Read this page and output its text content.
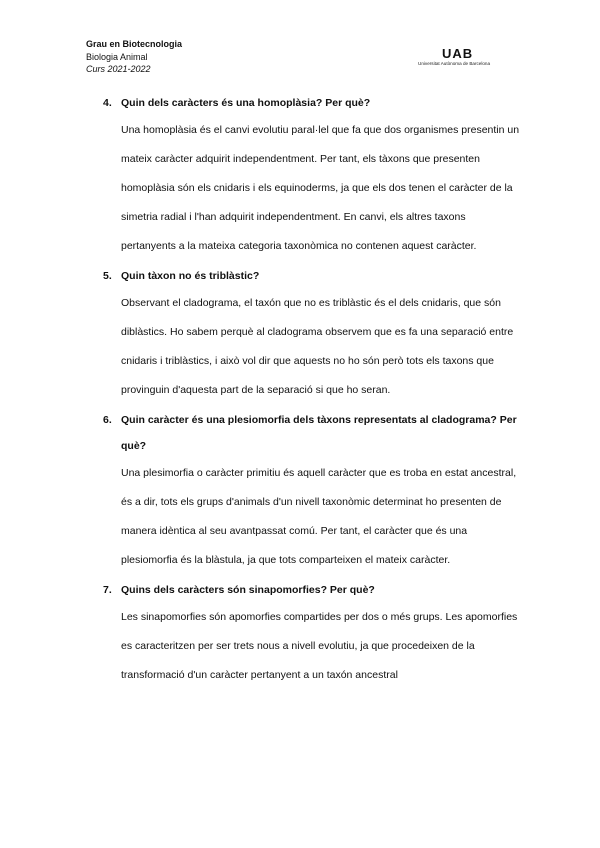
Grau en Biotecnologia
Biologia Animal
Curs 2021-2022
UAB
Universitat Autònoma de Barcelona
4. Quin dels caràcters és una homoplàsia? Per què?
Una homoplàsia és el canvi evolutiu paral·lel que fa que dos organismes presentin un mateix caràcter adquirit independentment. Per tant, els tàxons que presenten homoplàsia són els cnidaris i els equinoderms, ja que els dos tenen el caràcter de la simetria radial i l'han adquirit independentment. En canvi, els altres taxons pertanyents a la mateixa categoria taxonòmica no contenen aquest caràcter.
5. Quin tàxon no és triblàstic?
Observant el cladograma, el taxón que no es triblàstic és el dels cnidaris, que són diblàstics. Ho sabem perquè al cladograma observem que es fa una separació entre cnidaris i triblàstics, i això vol dir que aquests no ho són però tots els taxons que provinguin d'aquesta part de la separació si que ho seran.
6. Quin caràcter és una plesiomorfia dels tàxons representats al cladograma? Per què?
Una plesimorfia o caràcter primitiu és aquell caràcter que es troba en estat ancestral, és a dir, tots els grups d'animals d'un nivell taxonòmic determinat ho presenten de manera idèntica al seu avantpassat comú. Per tant, el caràcter que és una plesiomorfia és la blàstula, ja que tots comparteixen el mateix caràcter.
7. Quins dels caràcters són sinapomorfies? Per què?
Les sinapomorfies són apomorfies compartides per dos o més grups. Les apomorfies es caracteritzen per ser trets nous a nivell evolutiu, ja que procedeixen de la transformació d'un caràcter pertanyent a un taxón ancestral
